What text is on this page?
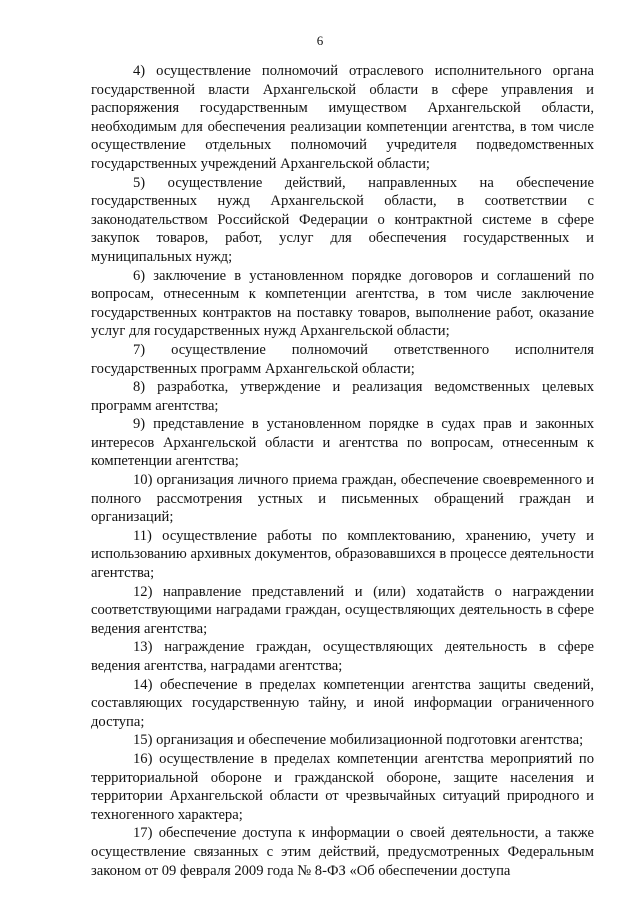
6

4) осуществление полномочий отраслевого исполнительного органа государственной власти Архангельской области в сфере управления и распоряжения государственным имуществом Архангельской области, необходимым для обеспечения реализации компетенции агентства, в том числе осуществление отдельных полномочий учредителя подведомственных государственных учреждений Архангельской области;

5) осуществление действий, направленных на обеспечение государственных нужд Архангельской области, в соответствии с законодательством Российской Федерации о контрактной системе в сфере закупок товаров, работ, услуг для обеспечения государственных и муниципальных нужд;

6) заключение в установленном порядке договоров и соглашений по вопросам, отнесенным к компетенции агентства, в том числе заключение государственных контрактов на поставку товаров, выполнение работ, оказание услуг для государственных нужд Архангельской области;

7) осуществление полномочий ответственного исполнителя государственных программ Архангельской области;

8) разработка, утверждение и реализация ведомственных целевых программ агентства;

9) представление в установленном порядке в судах прав и законных интересов Архангельской области и агентства по вопросам, отнесенным к компетенции агентства;

10) организация личного приема граждан, обеспечение своевременного и полного рассмотрения устных и письменных обращений граждан и организаций;

11) осуществление работы по комплектованию, хранению, учету и использованию архивных документов, образовавшихся в процессе деятельности агентства;

12) направление представлений и (или) ходатайств о награждении соответствующими наградами граждан, осуществляющих деятельность в сфере ведения агентства;

13) награждение граждан, осуществляющих деятельность в сфере ведения агентства, наградами агентства;

14) обеспечение в пределах компетенции агентства защиты сведений, составляющих государственную тайну, и иной информации ограниченного доступа;

15) организация и обеспечение мобилизационной подготовки агентства;

16) осуществление в пределах компетенции агентства мероприятий по территориальной обороне и гражданской обороне, защите населения и территории Архангельской области от чрезвычайных ситуаций природного и техногенного характера;

17) обеспечение доступа к информации о своей деятельности, а также осуществление связанных с этим действий, предусмотренных Федеральным законом от 09 февраля 2009 года № 8-ФЗ «Об обеспечении доступа
